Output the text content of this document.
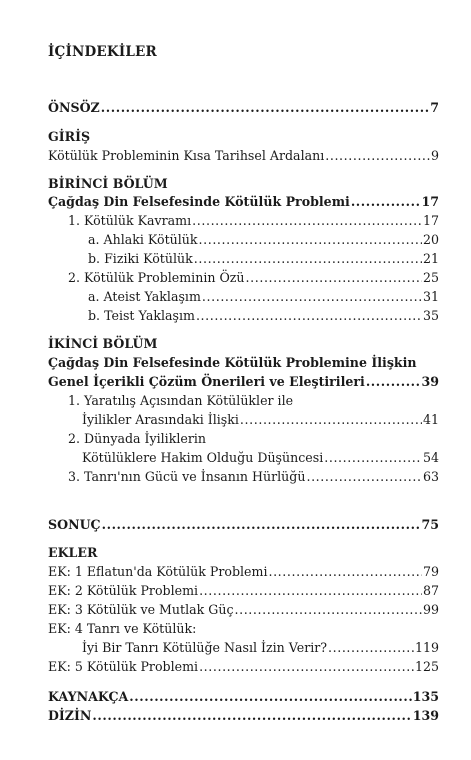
İÇİNDEKİLER
ÖNSÖZ .....	7
GİRİŞ
Kötülük Probleminin Kısa Tarihsel Ardalanı .....	9
BİRİNCİ BÖLÜM
Çağdaş Din Felsefesinde Kötülük Problemi .....	17
1. Kötülük Kavramı .....	17
a. Ahlaki Kötülük .....	20
b. Fiziki Kötülük .....	21
2. Kötülük Probleminin Özü .....	25
a. Ateist Yaklaşım .....	31
b. Teist Yaklaşım .....	35
İKİNCİ BÖLÜM
Çağdaş Din Felsefesinde Kötülük Problemine İlişkin
Genel İçerikli Çözüm Önerileri ve Eleştirileri .....	39
1. Yaratılış Açısından Kötülükler ile
İyilikler Arasındaki İlişki .....	41
2. Dünyada İyiliklerin
Kötülüklere Hakim Olduğu Düşüncesi .....	54
3. Tanrı'nın Gücü ve İnsanın Hürlüğü .....	63
SONUÇ .....	75
EKLER
EK: 1 Eflatun'da Kötülük Problemi .....	79
EK: 2 Kötülük Problemi .....	87
EK: 3 Kötülük ve Mutlak Güç .....	99
EK: 4 Tanrı ve Kötülük:
İyi Bir Tanrı Kötülüğe Nasıl İzin Verir? .....	119
EK: 5 Kötülük Problemi .....	125
KAYNAKÇA .....	135
DİZİN .....	139
